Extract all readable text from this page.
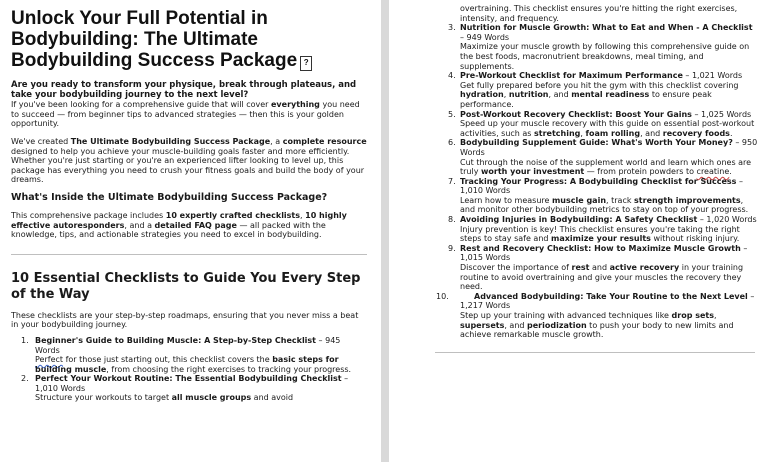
Unlock Your Full Potential in Bodybuilding: The Ultimate Bodybuilding Success Package ?

Are you ready to transform your physique, break through plateaus, and take your bodybuilding journey to the next level?

If you've been looking for a comprehensive guide that will cover everything you need to succeed — from beginner tips to advanced strategies — then this is your golden opportunity.

We've created The Ultimate Bodybuilding Success Package, a complete resource designed to help you achieve your muscle-building goals faster and more efficiently. Whether you're just starting or you're an experienced lifter looking to level up, this package has everything you need to crush your fitness goals and build the body of your dreams.

What's Inside the Ultimate Bodybuilding Success Package?

This comprehensive package includes 10 expertly crafted checklists, 10 highly effective autoresponders, and a detailed FAQ page — all packed with the knowledge, tips, and actionable strategies you need to excel in bodybuilding.

10 Essential Checklists to Guide You Every Step of the Way

These checklists are your step-by-step roadmaps, ensuring that you never miss a beat in your bodybuilding journey.

1. Beginner's Guide to Building Muscle: A Step-by-Step Checklist – 945 Words
Perfect for those just starting out, this checklist covers the basic steps for building muscle, from choosing the right exercises to tracking your progress.
2. Perfect Your Workout Routine: The Essential Bodybuilding Checklist – 1,010 Words
Structure your workouts to target all muscle groups and avoid
overtraining. This checklist ensures you're hitting the right exercises, intensity, and frequency.
3. Nutrition for Muscle Growth: What to Eat and When - A Checklist – 949 Words
Maximize your muscle growth by following this comprehensive guide on the best foods, macronutrient breakdowns, meal timing, and supplements.
4. Pre-Workout Checklist for Maximum Performance – 1,021 Words
Get fully prepared before you hit the gym with this checklist covering hydration, nutrition, and mental readiness to ensure peak performance.
5. Post-Workout Recovery Checklist: Boost Your Gains – 1,025 Words
Speed up your muscle recovery with this guide on essential post-workout activities, such as stretching, foam rolling, and recovery foods.
6. Bodybuilding Supplement Guide: What's Worth Your Money? – 950 Words
Cut through the noise of the supplement world and learn which ones are truly worth your investment — from protein powders to creatine.
7. Tracking Your Progress: A Bodybuilding Checklist for Success – 1,010 Words
Learn how to measure muscle gain, track strength improvements, and monitor other bodybuilding metrics to stay on top of your progress.
8. Avoiding Injuries in Bodybuilding: A Safety Checklist – 1,020 Words
Injury prevention is key! This checklist ensures you're taking the right steps to stay safe and maximize your results without risking injury.
9. Rest and Recovery Checklist: How to Maximize Muscle Growth – 1,015 Words
Discover the importance of rest and active recovery in your training routine to avoid overtraining and give your muscles the recovery they need.
10.	Advanced Bodybuilding: Take Your Routine to the Next Level – 1,217 Words
Step up your training with advanced techniques like drop sets, supersets, and periodization to push your body to new limits and achieve remarkable muscle growth.
